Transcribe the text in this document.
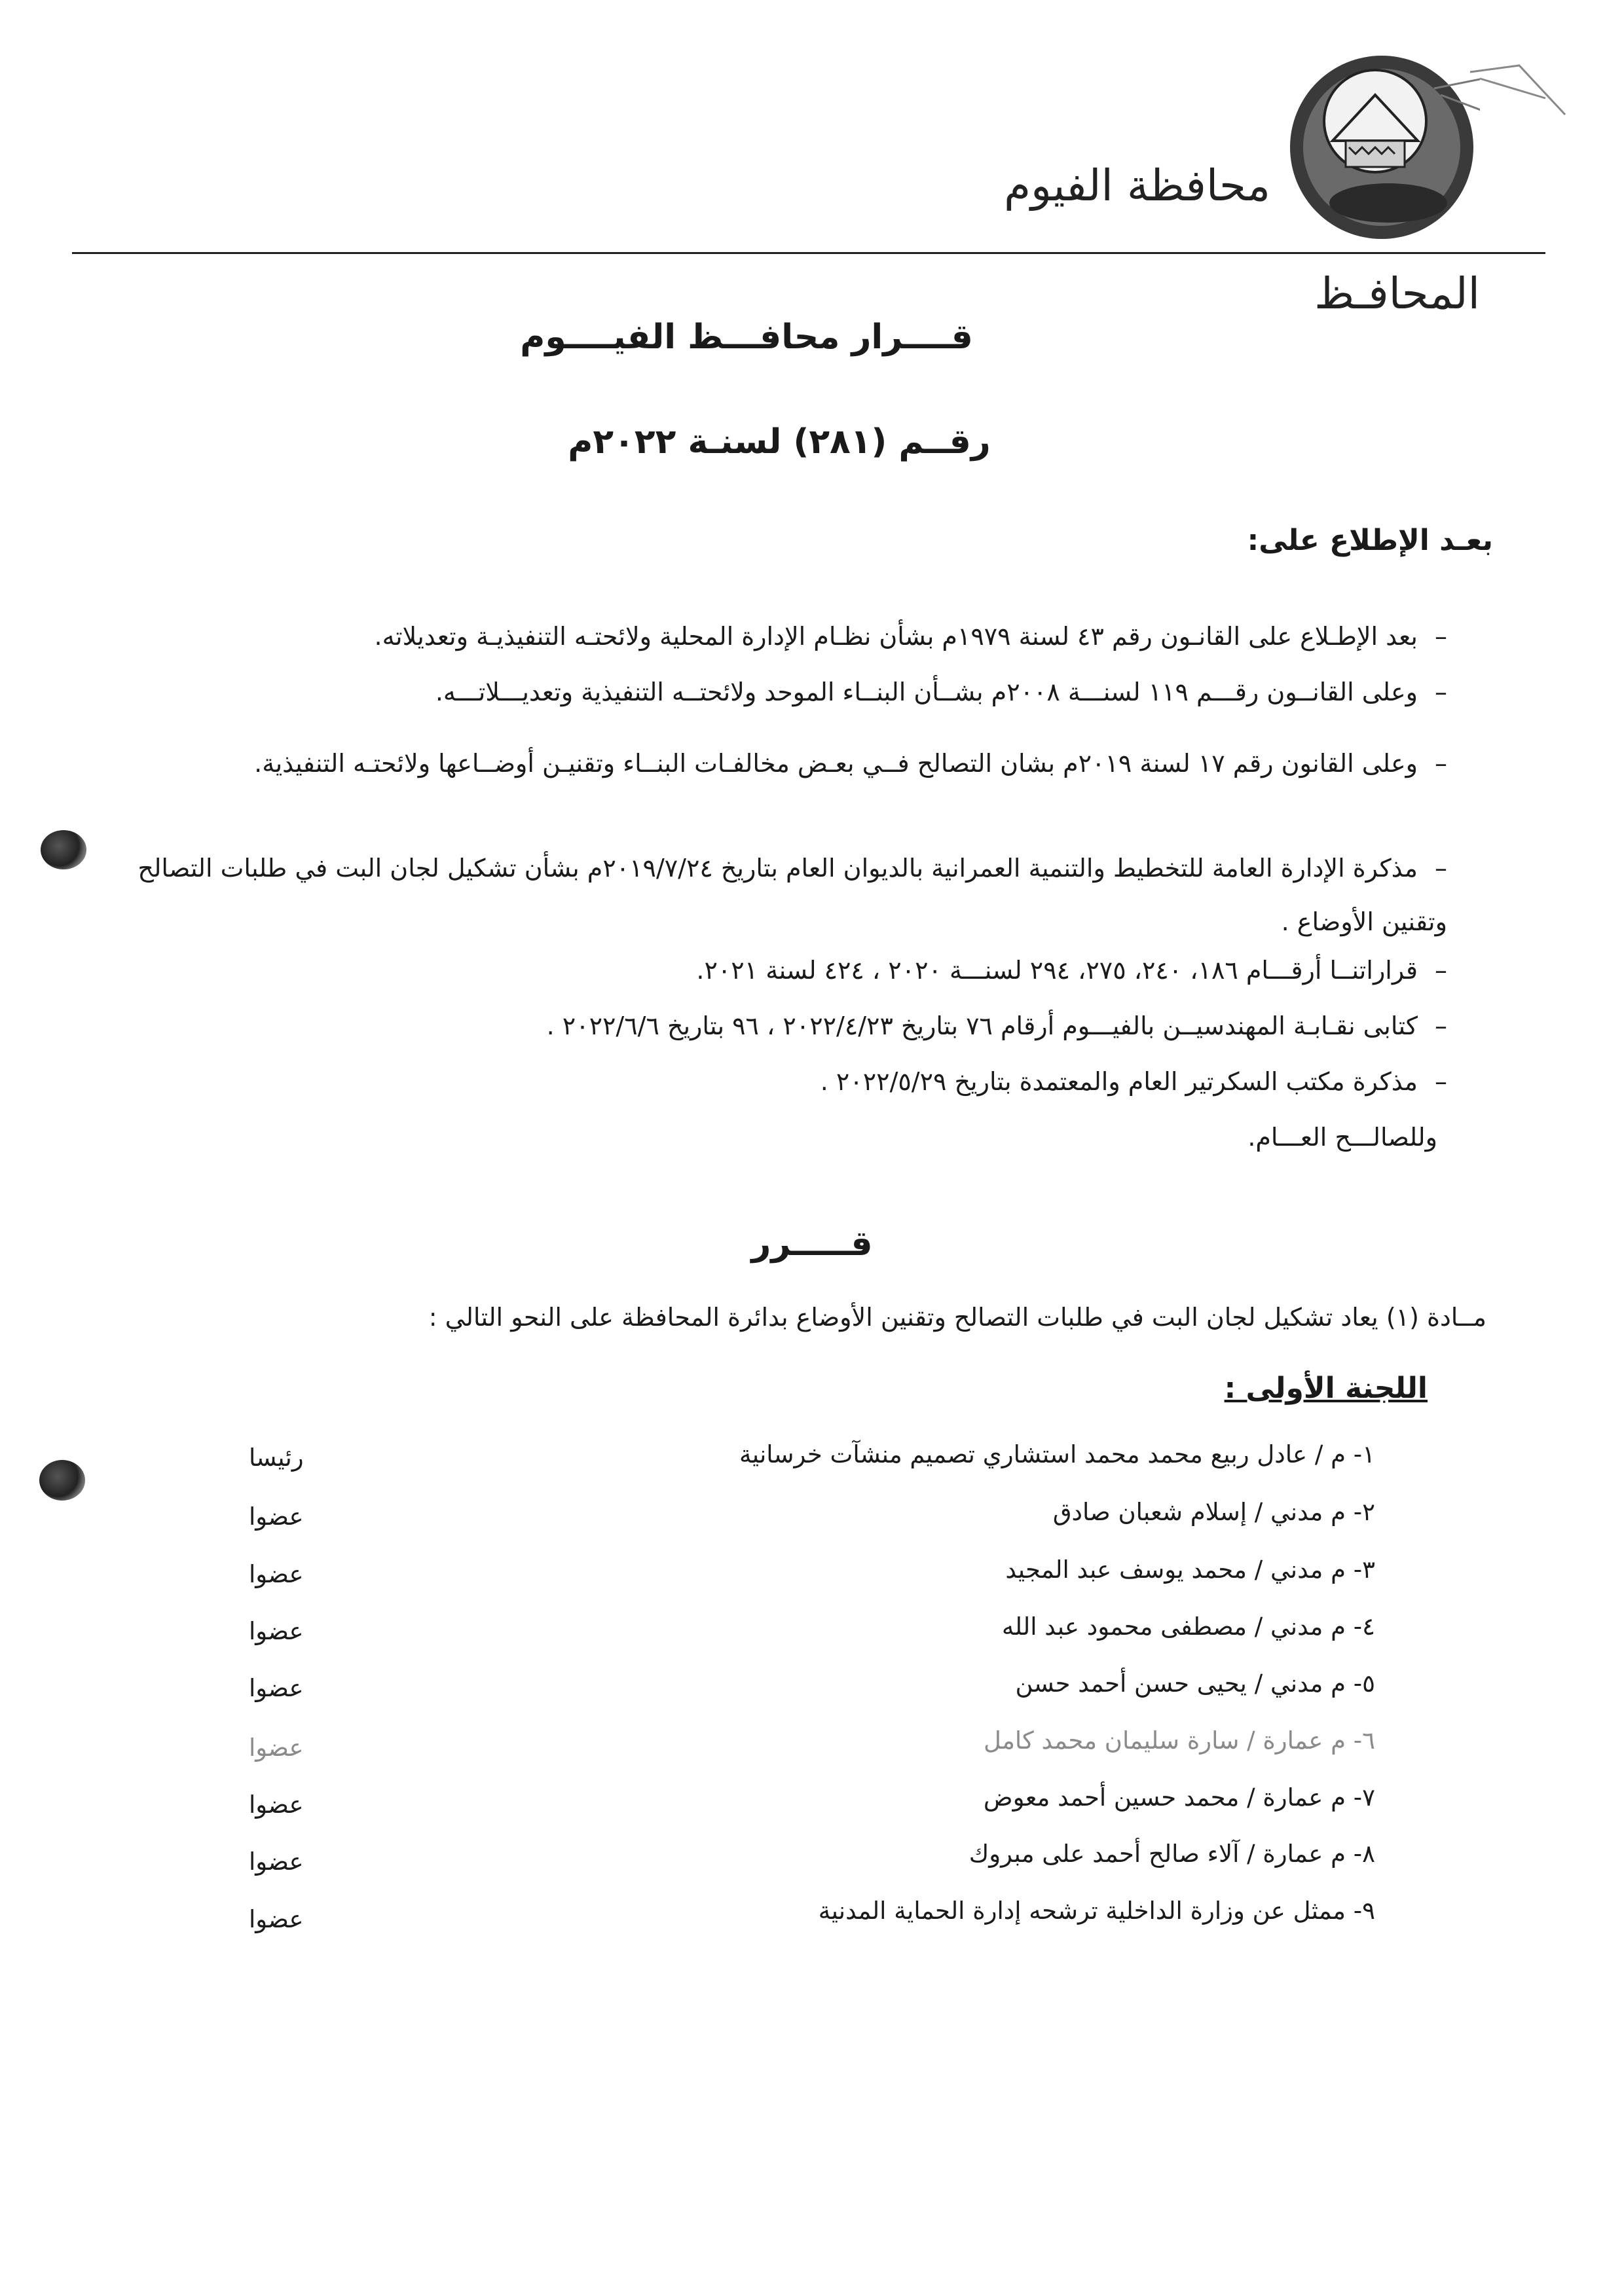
محافظة الفيوم
المحافـظ
قــــرار محافـــظ الفيــــوم
رقــم (٢٨١) لسنـة ٢٠٢٢م
بعـد الإطلاع على:
–بعد الإطـلاع على القانـون رقم ٤٣ لسنة ١٩٧٩م بشأن نظـام الإدارة المحلية ولائحتـه التنفيذيـة وتعديلاته.
–وعلى القانــون رقـــم ١١٩ لسنـــة ٢٠٠٨م بشــأن البنــاء الموحد ولائحتــه التنفيذية وتعديـــلاتـــه.
–وعلى القانون رقم ١٧ لسنة ٢٠١٩م بشان التصالح فــي بعـض مخالفـات البنــاء وتقنيـن أوضــاعها ولائحتـه التنفيذية.
–مذكرة الإدارة العامة للتخطيط والتنمية العمرانية بالديوان العام بتاريخ ٢٠١٩/٧/٢٤م بشأن تشكيل لجان البت في طلبات التصالح وتقنين الأوضاع .
–قراراتنــا أرقـــام ١٨٦، ٢٤٠، ٢٧٥، ٢٩٤ لسنـــة ٢٠٢٠ ، ٤٢٤ لسنة ٢٠٢١.
–كتابى نقـابـة المهندسيــن بالفيـــوم أرقام ٧٦ بتاريخ ٢٠٢٢/٤/٢٣ ، ٩٦ بتاريخ ٢٠٢٢/٦/٦ .
–مذكرة مكتب السكرتير العام والمعتمدة بتاريخ ٢٠٢٢/٥/٢٩ .
وللصالـــح العـــام.
قـــــرر
مــادة (١) يعاد تشكيل لجان البت في طلبات التصالح وتقنين الأوضاع بدائرة المحافظة على النحو التالي :
اللجنة الأولى :
١- م / عادل ربيع محمد محمد استشاري تصميم منشآت خرسانية
رئيسا
٢- م مدني / إسلام شعبان صادق
عضوا
٣- م مدني / محمد يوسف عبد المجيد
عضوا
٤- م مدني / مصطفى محمود عبد الله
عضوا
٥- م مدني / يحيى حسن أحمد حسن
عضوا
٦- م عمارة / سارة سليمان محمد كامل
عضوا
٧- م عمارة / محمد حسين أحمد معوض
عضوا
٨- م عمارة / آلاء صالح أحمد على مبروك
عضوا
٩- ممثل عن وزارة الداخلية ترشحه إدارة الحماية المدنية
عضوا
